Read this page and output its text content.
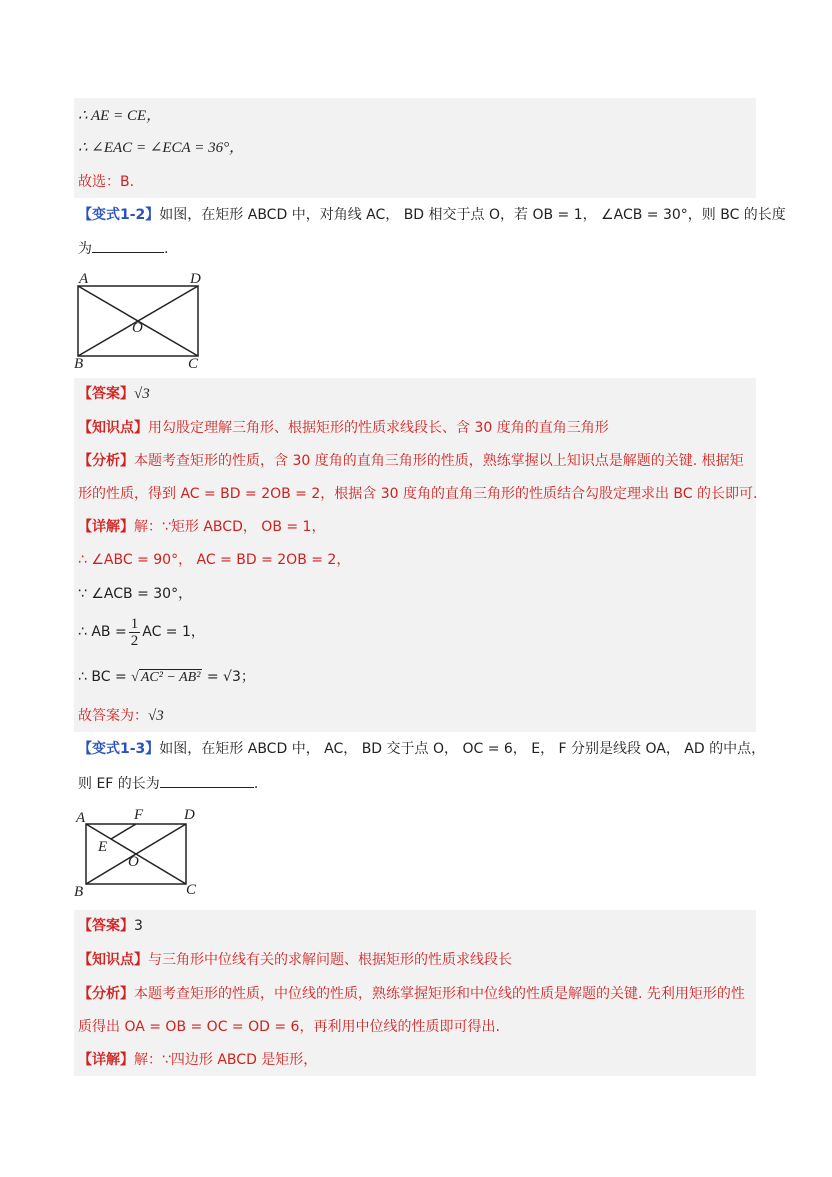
∴ AE = CE，
∴ ∠EAC = ∠ECA = 36°，
故选：B.
【变式1-2】如图，在矩形 ABCD 中，对角线 AC， BD 相交于点 O，若 OB = 1， ∠ACB = 30°，则 BC 的长度
为	.
A	D
O
B	C
【答案】√3
【知识点】用勾股定理解三角形、根据矩形的性质求线段长、含 30 度角的直角三角形
【分析】本题考查矩形的性质，含 30 度角的直角三角形的性质，熟练掌握以上知识点是解题的关键. 根据矩
形的性质，得到 AC = BD = 2OB = 2，根据含 30 度角的直角三角形的性质结合勾股定理求出 BC 的长即可.
【详解】解：∵矩形 ABCD， OB = 1，
∴ ∠ABC = 90°， AC = BD = 2OB = 2，
∵ ∠ACB = 30°，
∴ AB = $\frac{1}{2}$ AC = 1，
∴ BC = √ AC² − AB² = √3；
故答案为：√3
【变式1-3】如图，在矩形 ABCD 中， AC， BD 交于点 O， OC = 6， E， F 分别是线段 OA， AD 的中点，
则 EF 的长为	.
A	F	D
E
O
B	C
【答案】3
【知识点】与三角形中位线有关的求解问题、根据矩形的性质求线段长
【分析】本题考查矩形的性质，中位线的性质，熟练掌握矩形和中位线的性质是解题的关键. 先利用矩形的性
质得出 OA = OB = OC = OD = 6，再利用中位线的性质即可得出.
【详解】解：∵四边形 ABCD 是矩形，
